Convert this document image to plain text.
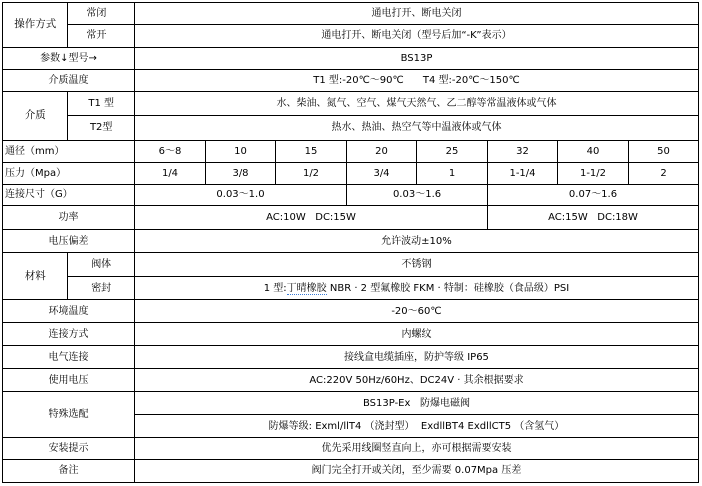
操作方式	常闭	通电打开、断电关闭							
	常开	通电打开、断电关闭（型号后加“-K”表示）							
参数↓型号→		BS13P							
介质温度		T1 型:-20℃～90℃ T4 型:-20℃～150℃							
介质	T1 型	水、柴油、氮气、空气、煤气天然气、乙二醇等常温液体或气体							
	T2型	热水、热油、热空气等中温液体或气体							
通径（mm）		6～8	10	15	20	25	32	40	50
压力（Mpa）		1/4	3/8	1/2	3/4	1	1-1/4	1-1/2	2
连接尺寸（G）		0.03～1.0			0.03～1.6		0.07～1.6		
功率		AC:10W   DC:15W					AC:15W   DC:18W		
电压偏差		允许波动±10%							
材料	阀体	不锈钢							
	密封	1 型:丁晴橡胶 NBR · 2 型氟橡胶 FKM · 特制：硅橡胶（食品级）PSI							
环境温度		-20～60℃							
连接方式		内螺纹							
电气连接		接线盒电缆插座，防护等级 IP65							
使用电压		AC:220V 50Hz/60Hz、DC24V · 其余根据要求							
特殊选配		BS13P-Ex   防爆电磁阀							
		防爆等级: Exml/llT4 （浇封型）  ExdllBT4 ExdllCT5 （含氢气）							
安装提示		优先采用线圈竖直向上，亦可根据需要安装							
备注		阀门完全打开或关闭，至少需要 0.07Mpa 压差							
